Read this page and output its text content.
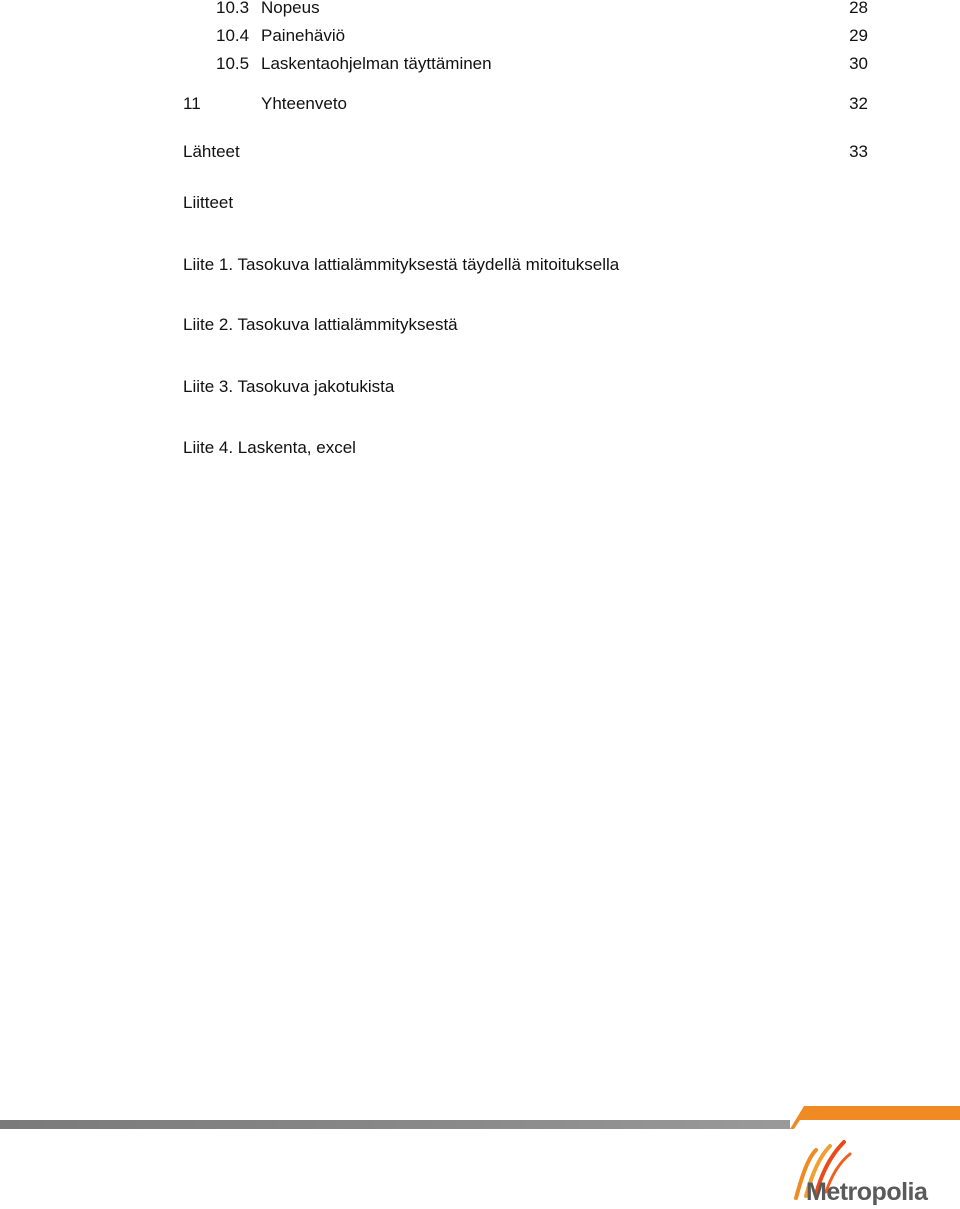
10.3 Nopeus	28
10.4 Painehäviö	29
10.5 Laskentaohjelman täyttäminen	30
11	Yhteenveto	32
Lähteet	33
Liitteet
Liite 1. Tasokuva lattialämmityksestä täydellä mitoituksella
Liite 2. Tasokuva lattialämmityksestä
Liite 3. Tasokuva jakotukista
Liite 4. Laskenta, excel
Metropolia
